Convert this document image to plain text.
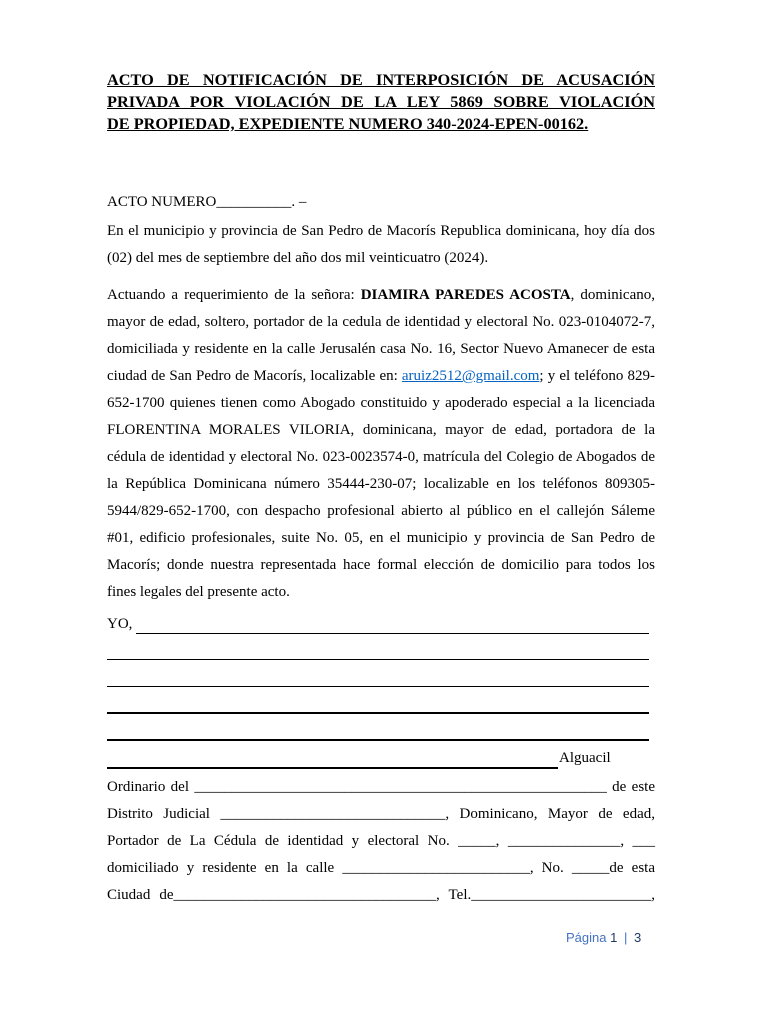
ACTO DE NOTIFICACIÓN DE INTERPOSICIÓN DE ACUSACIÓN
PRIVADA POR VIOLACIÓN DE LA LEY 5869 SOBRE VIOLACIÓN
DE PROPIEDAD, EXPEDIENTE NUMERO 340-2024-EPEN-00162.
ACTO NUMERO__________. –
En el municipio y provincia de San Pedro de Macorís Republica dominicana, hoy día dos
(02) del mes de septiembre del año dos mil veinticuatro (2024).
Actuando a requerimiento de la señora: DIAMIRA PAREDES ACOSTA, dominicano,
mayor de edad, soltero, portador de la cedula de identidad y electoral No. 023-0104072-7,
domiciliada y residente en la calle Jerusalén casa No. 16, Sector Nuevo Amanecer de esta
ciudad de San Pedro de Macorís, localizable en: aruiz2512@gmail.com; y el teléfono 829-
652-1700 quienes tienen como Abogado constituido y apoderado especial a la licenciada
FLORENTINA MORALES VILORIA, dominicana, mayor de edad, portadora de la
cédula de identidad y electoral No. 023-0023574-0, matrícula del Colegio de Abogados de
la República Dominicana número 35444-230-07; localizable en los teléfonos 809305-
5944/829-652-1700, con despacho profesional abierto al público en el callejón Sáleme
#01, edificio profesionales, suite No. 05, en el municipio y provincia de San Pedro de
Macorís; donde nuestra representada hace formal elección de domicilio para todos los
fines legales del presente acto.
YO,
Alguacil
Ordinario del _______________________________________________________ de este
Distrito Judicial ______________________________, Dominicano, Mayor de edad,
Portador de La Cédula de identidad y electoral No. _____, _______________, ___
domiciliado y residente en la calle _________________________, No. _____de esta
Ciudad de___________________________________, Tel.________________________,
Página 1 | 3
